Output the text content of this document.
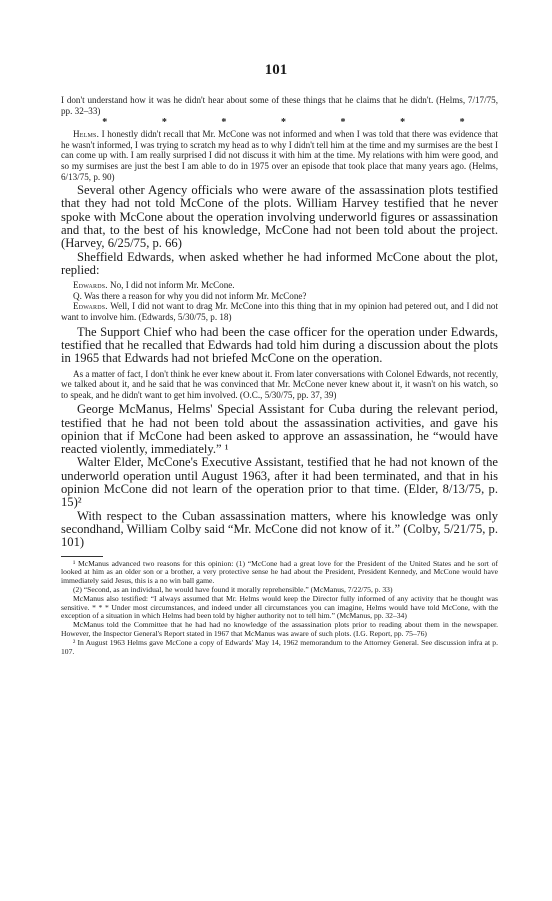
101

I don't understand how it was he didn't hear about some of these things that he claims that he didn't. (Helms, 7/17/75, pp. 32–33)

*	*	*	*	*	*	*

Helms. I honestly didn't recall that Mr. McCone was not informed and when I was told that there was evidence that he wasn't informed, I was trying to scratch my head as to why I didn't tell him at the time and my surmises are the best I can come up with. I am really surprised I did not discuss it with him at the time. My relations with him were good, and so my surmises are just the best I am able to do in 1975 over an episode that took place that many years ago. (Helms, 6/13/75, p. 90)

Several other Agency officials who were aware of the assassination plots testified that they had not told McCone of the plots. William Harvey testified that he never spoke with McCone about the operation involving underworld figures or assassination and that, to the best of his knowledge, McCone had not been told about the project. (Harvey, 6/25/75, p. 66)

Sheffield Edwards, when asked whether he had informed McCone about the plot, replied:

Edwards. No, I did not inform Mr. McCone.

Q. Was there a reason for why you did not inform Mr. McCone?

Edwards. Well, I did not want to drag Mr. McCone into this thing that in my opinion had petered out, and I did not want to involve him. (Edwards, 5/30/75, p. 18)

The Support Chief who had been the case officer for the operation under Edwards, testified that he recalled that Edwards had told him during a discussion about the plots in 1965 that Edwards had not briefed McCone on the operation.

As a matter of fact, I don't think he ever knew about it. From later conversations with Colonel Edwards, not recently, we talked about it, and he said that he was convinced that Mr. McCone never knew about it, it wasn't on his watch, so to speak, and he didn't want to get him involved. (O.C., 5/30/75, pp. 37, 39)

George McManus, Helms' Special Assistant for Cuba during the relevant period, testified that he had not been told about the assassination activities, and gave his opinion that if McCone had been asked to approve an assassination, he “would have reacted violently, immediately.” ¹

Walter Elder, McCone's Executive Assistant, testified that he had not known of the underworld operation until August 1963, after it had been terminated, and that in his opinion McCone did not learn of the operation prior to that time. (Elder, 8/13/75, p. 15)²

With respect to the Cuban assassination matters, where his knowledge was only secondhand, William Colby said “Mr. McCone did not know of it.” (Colby, 5/21/75, p. 101)

¹ McManus advanced two reasons for this opinion: (1) “McCone had a great love for the President of the United States and he sort of looked at him as an older son or a brother, a very protective sense he had about the President, President Kennedy, and McCone would have immediately said Jesus, this is a no win ball game.

(2) “Second, as an individual, he would have found it morally reprehensible.” (McManus, 7/22/75, p. 33)

McManus also testified: “I always assumed that Mr. Helms would keep the Director fully informed of any activity that he thought was sensitive. * * * Under most circumstances, and indeed under all circumstances you can imagine, Helms would have told McCone, with the exception of a situation in which Helms had been told by higher authority not to tell him.” (McManus, pp. 32–34)

McManus told the Committee that he had had no knowledge of the assassination plots prior to reading about them in the newspaper. However, the Inspector General's Report stated in 1967 that McManus was aware of such plots. (I.G. Report, pp. 75–76)

² In August 1963 Helms gave McCone a copy of Edwards' May 14, 1962 memorandum to the Attorney General. See discussion infra at p. 107.
